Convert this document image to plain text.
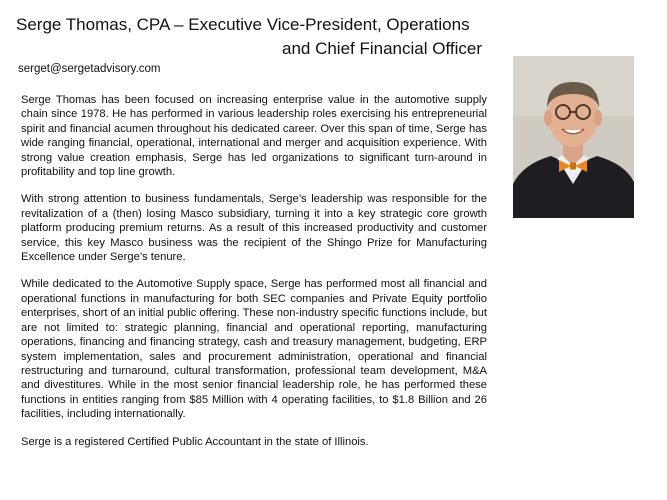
Serge Thomas, CPA – Executive Vice-President, Operations
and Chief Financial Officer
serget@sergetadvisory.com

Serge Thomas has been focused on increasing enterprise value in the automotive supply chain since 1978. He has performed in various leadership roles exercising his entrepreneurial spirit and financial acumen throughout his dedicated career. Over this span of time, Serge has wide ranging financial, operational, international and merger and acquisition experience. With strong value creation emphasis, Serge has led organizations to significant turn-around in profitability and top line growth.

With strong attention to business fundamentals, Serge’s leadership was responsible for the revitalization of a (then) losing Masco subsidiary, turning it into a key strategic core growth platform producing premium returns. As a result of this increased productivity and customer service, this key Masco business was the recipient of the Shingo Prize for Manufacturing Excellence under Serge’s tenure.

While dedicated to the Automotive Supply space, Serge has performed most all financial and operational functions in manufacturing for both SEC companies and Private Equity portfolio enterprises, short of an initial public offering. These non-industry specific functions include, but are not limited to: strategic planning, financial and operational reporting, manufacturing operations, financing and financing strategy, cash and treasury management, budgeting, ERP system implementation, sales and procurement administration, operational and financial restructuring and turnaround, cultural transformation, professional team development, M&A and divestitures. While in the most senior financial leadership role, he has performed these functions in entities ranging from $85 Million with 4 operating facilities, to $1.8 Billion and 26 facilities, including internationally.

Serge is a registered Certified Public Accountant in the state of Illinois.
